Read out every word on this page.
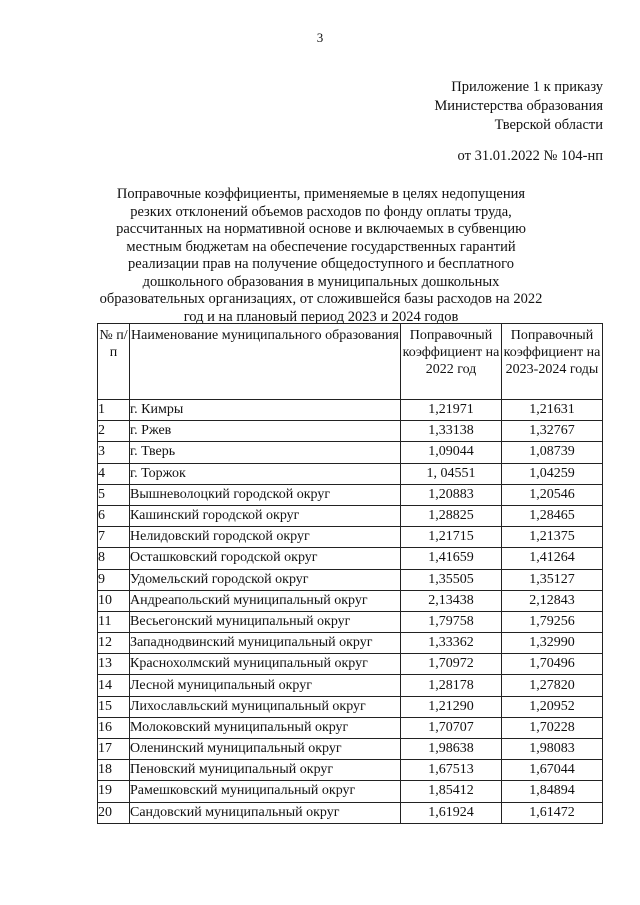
3
Приложение 1 к приказу
Министерства образования
Тверской области
от 31.01.2022 № 104-нп
Поправочные коэффициенты, применяемые в целях недопущения резких отклонений объемов расходов по фонду оплаты труда, рассчитанных на нормативной основе и включаемых в субвенцию местным бюджетам на обеспечение государственных гарантий реализации прав на получение общедоступного и бесплатного дошкольного образования в муниципальных дошкольных образовательных организациях, от сложившейся базы расходов на 2022 год и на плановый период 2023 и 2024 годов
№ п/п	Наименование муниципального образования	Поправочный коэффициент на 2022 год	Поправочный коэффициент на 2023-2024 годы
1	г. Кимры	1,21971	1,21631
2	г. Ржев	1,33138	1,32767
3	г. Тверь	1,09044	1,08739
4	г. Торжок	1, 04551	1,04259
5	Вышневолоцкий городской округ	1,20883	1,20546
6	Кашинский городской округ	1,28825	1,28465
7	Нелидовский городской округ	1,21715	1,21375
8	Осташковский городской округ	1,41659	1,41264
9	Удомельский городской округ	1,35505	1,35127
10	Андреапольский муниципальный округ	2,13438	2,12843
11	Весьегонский муниципальный округ	1,79758	1,79256
12	Западнодвинский муниципальный округ	1,33362	1,32990
13	Краснохолмский муниципальный округ	1,70972	1,70496
14	Лесной муниципальный округ	1,28178	1,27820
15	Лихославльский муниципальный округ	1,21290	1,20952
16	Молоковский муниципальный округ	1,70707	1,70228
17	Оленинский муниципальный округ	1,98638	1,98083
18	Пеновский муниципальный округ	1,67513	1,67044
19	Рамешковский муниципальный округ	1,85412	1,84894
20	Сандовский муниципальный округ	1,61924	1,61472
